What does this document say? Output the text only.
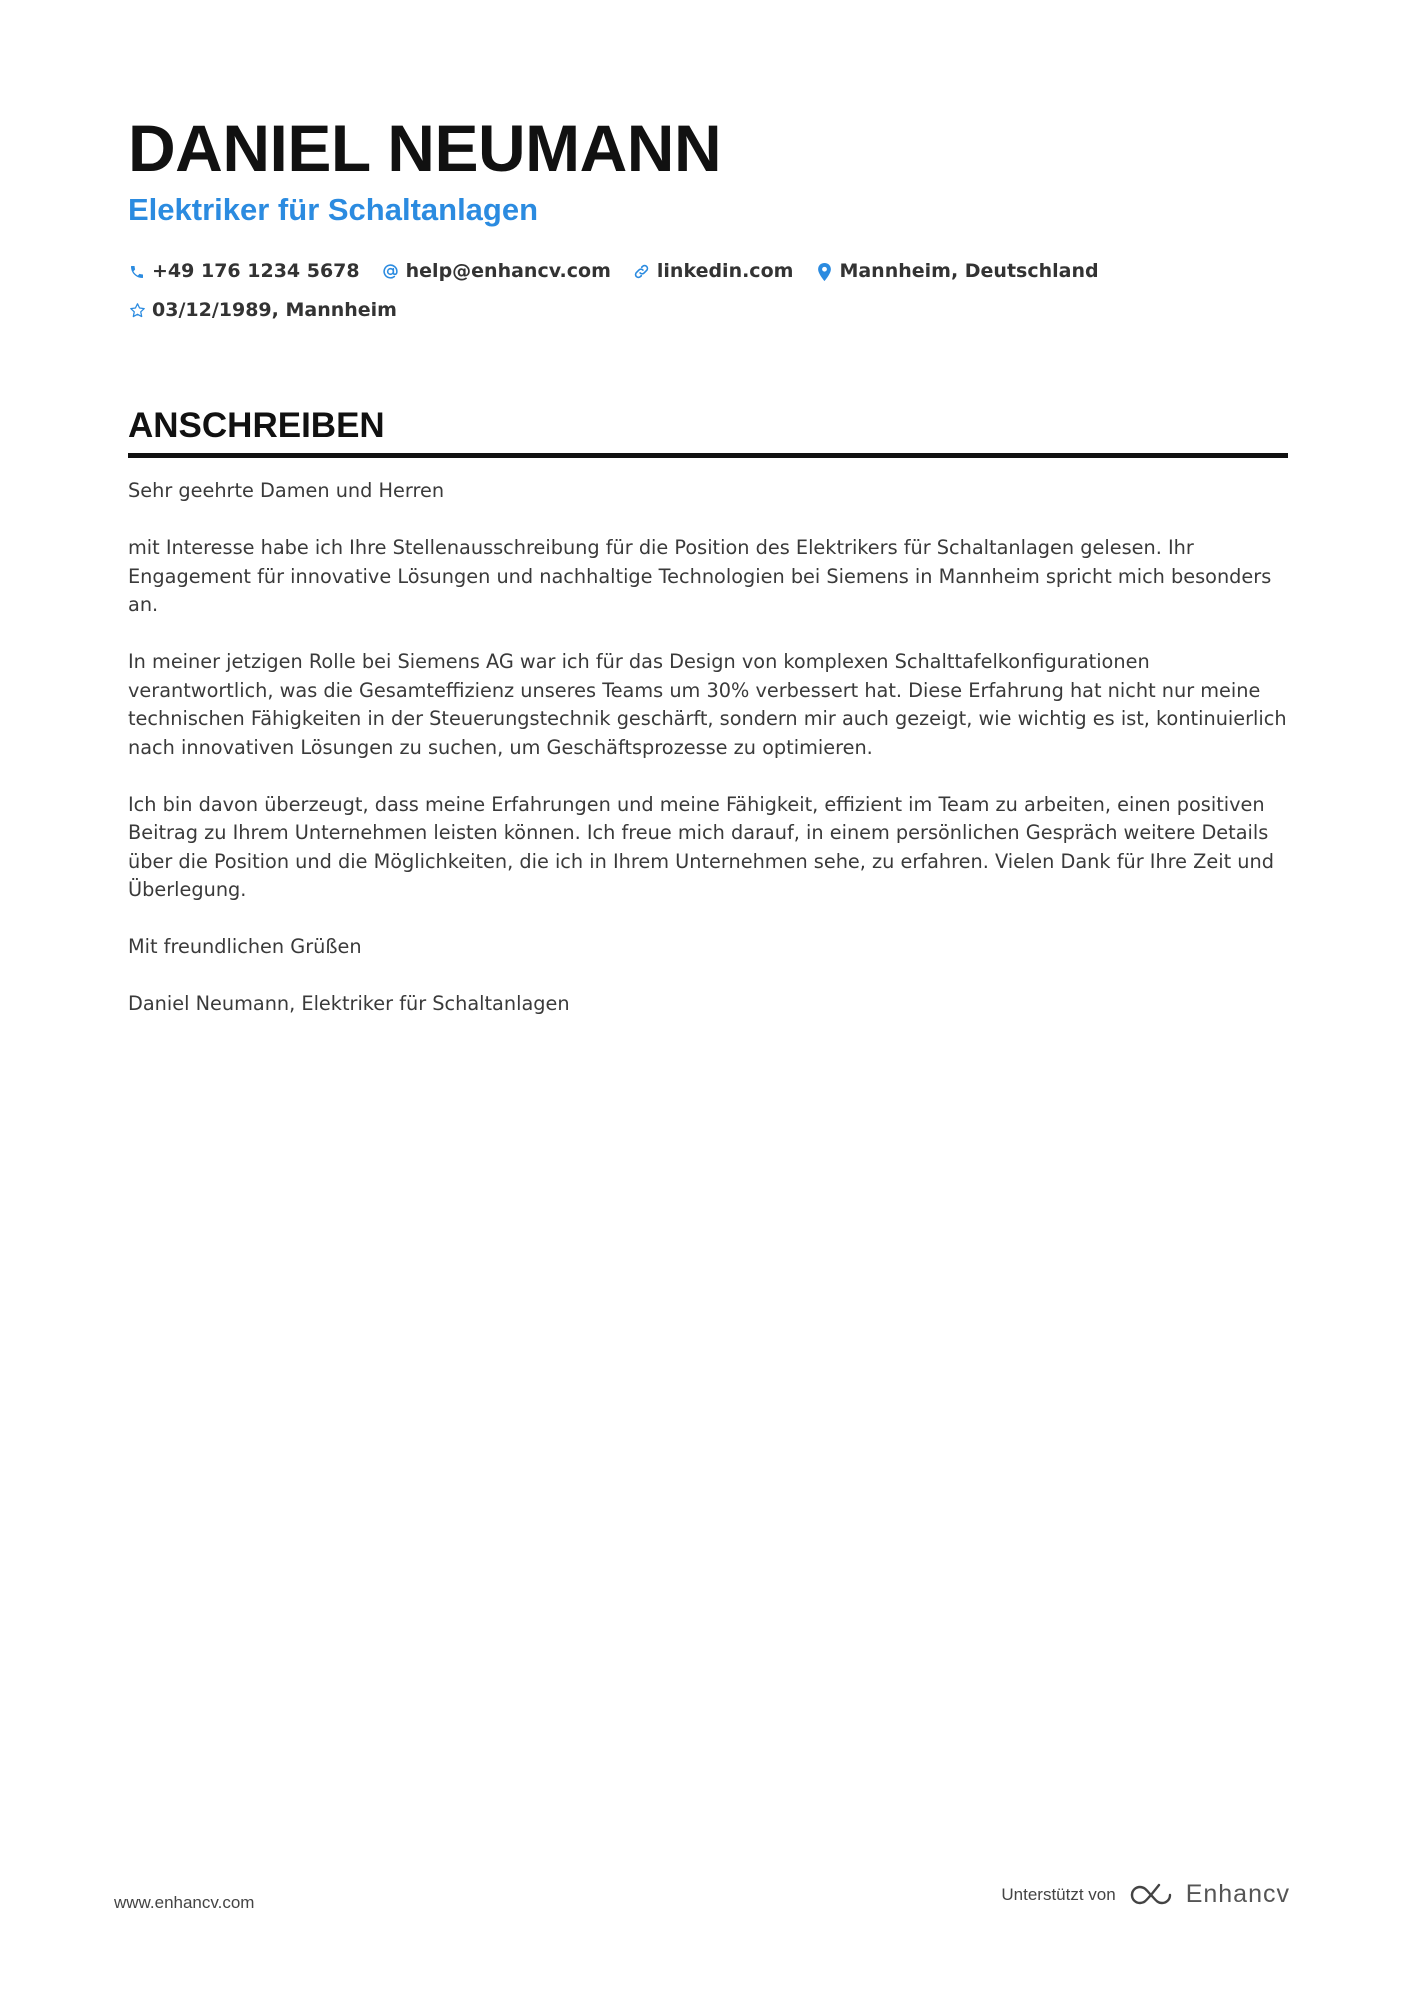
DANIEL NEUMANN
Elektriker für Schaltanlagen
+49 176 1234 5678 help@enhancv.com linkedin.com Mannheim, Deutschland
03/12/1989, Mannheim
ANSCHREIBEN

Sehr geehrte Damen und Herren

mit Interesse habe ich Ihre Stellenausschreibung für die Position des Elektrikers für Schaltanlagen gelesen. Ihr Engagement für innovative Lösungen und nachhaltige Technologien bei Siemens in Mannheim spricht mich besonders an.

In meiner jetzigen Rolle bei Siemens AG war ich für das Design von komplexen Schalttafelkonfigurationen verantwortlich, was die Gesamteffizienz unseres Teams um 30% verbessert hat. Diese Erfahrung hat nicht nur meine technischen Fähigkeiten in der Steuerungstechnik geschärft, sondern mir auch gezeigt, wie wichtig es ist, kontinuierlich nach innovativen Lösungen zu suchen, um Geschäftsprozesse zu optimieren.

Ich bin davon überzeugt, dass meine Erfahrungen und meine Fähigkeit, effizient im Team zu arbeiten, einen positiven Beitrag zu Ihrem Unternehmen leisten können. Ich freue mich darauf, in einem persönlichen Gespräch weitere Details über die Position und die Möglichkeiten, die ich in Ihrem Unternehmen sehe, zu erfahren. Vielen Dank für Ihre Zeit und Überlegung.

Mit freundlichen Grüßen

Daniel Neumann, Elektriker für Schaltanlagen

www.enhancv.com	Unterstützt von	Enhancv
